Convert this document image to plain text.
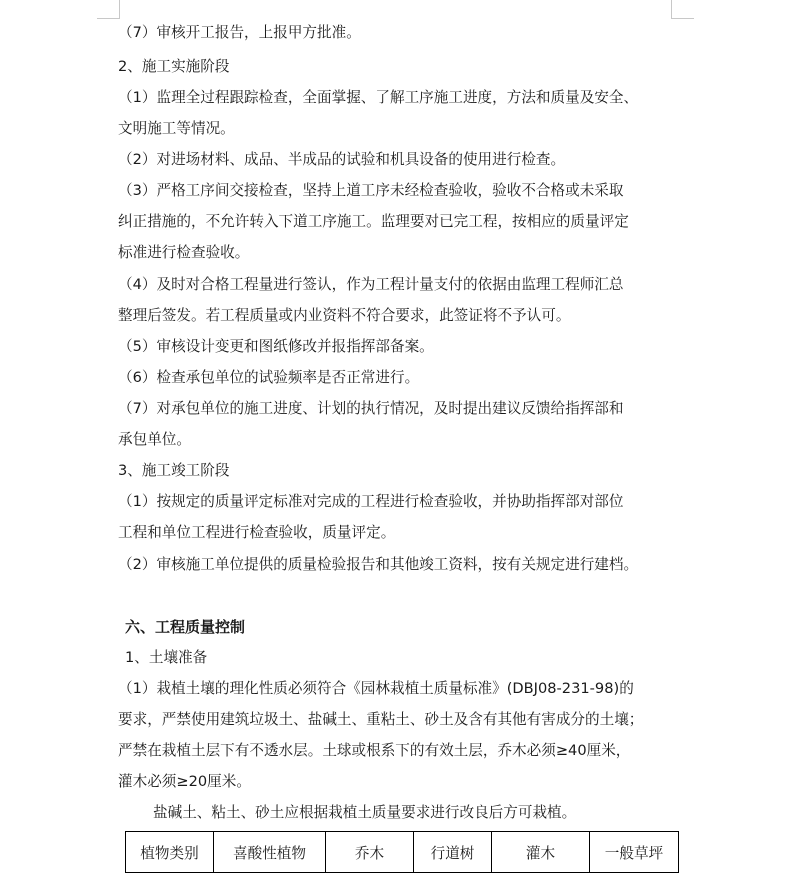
（7）审核开工报告，上报甲方批准。
2、施工实施阶段
（1）监理全过程跟踪检查，全面掌握、了解工序施工进度，方法和质量及安全、
文明施工等情况。
（2）对进场材料、成品、半成品的试验和机具设备的使用进行检查。
（3）严格工序间交接检查，坚持上道工序未经检查验收，验收不合格或未采取
纠正措施的，不允许转入下道工序施工。监理要对已完工程，按相应的质量评定
标准进行检查验收。
（4）及时对合格工程量进行签认，作为工程计量支付的依据由监理工程师汇总
整理后签发。若工程质量或内业资料不符合要求，此签证将不予认可。
（5）审核设计变更和图纸修改并报指挥部备案。
（6）检查承包单位的试验频率是否正常进行。
（7）对承包单位的施工进度、计划的执行情况，及时提出建议反馈给指挥部和
承包单位。
3、施工竣工阶段
（1）按规定的质量评定标准对完成的工程进行检查验收，并协助指挥部对部位
工程和单位工程进行检查验收，质量评定。
（2）审核施工单位提供的质量检验报告和其他竣工资料，按有关规定进行建档。
六、工程质量控制
1、土壤准备
（1）栽植土壤的理化性质必须符合《园林栽植土质量标准》(DBJ08-231-98)的
要求，严禁使用建筑垃圾土、盐碱土、重粘土、砂土及含有其他有害成分的土壤；
严禁在栽植土层下有不透水层。土球或根系下的有效土层，乔木必须≥40厘米，
灌木必须≥20厘米。
盐碱土、粘土、砂土应根据栽植土质量要求进行改良后方可栽植。
植物类别	喜酸性植物	乔木	行道树	灌木	一般草坪
